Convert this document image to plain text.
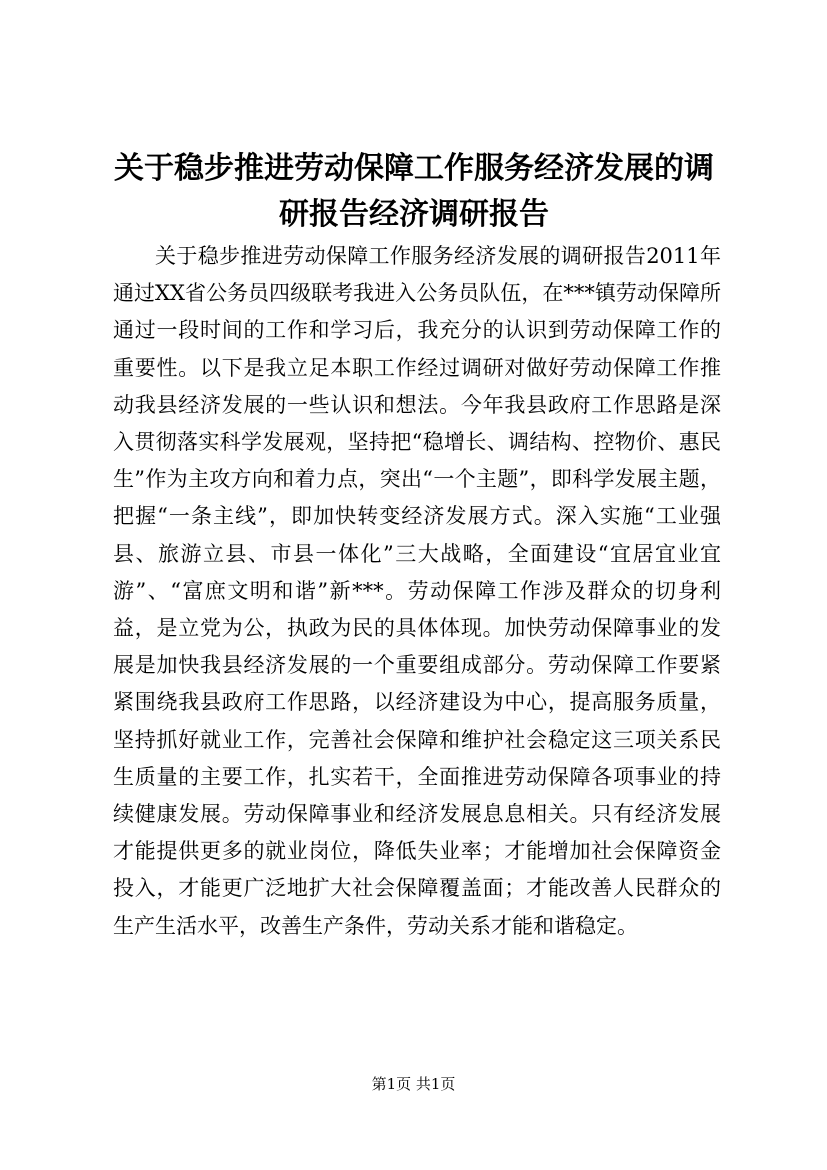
关于稳步推进劳动保障工作服务经济发展的调研报告经济调研报告

关于稳步推进劳动保障工作服务经济发展的调研报告2011年通过XX省公务员四级联考我进入公务员队伍，在***镇劳动保障所通过一段时间的工作和学习后，我充分的认识到劳动保障工作的重要性。以下是我立足本职工作经过调研对做好劳动保障工作推动我县经济发展的一些认识和想法。今年我县政府工作思路是深入贯彻落实科学发展观，坚持把“稳增长、调结构、控物价、惠民生”作为主攻方向和着力点，突出“一个主题”，即科学发展主题，把握“一条主线”，即加快转变经济发展方式。深入实施“工业强县、旅游立县、市县一体化”三大战略，全面建设“宜居宜业宜游”、“富庶文明和谐”新***。劳动保障工作涉及群众的切身利益，是立党为公，执政为民的具体体现。加快劳动保障事业的发展是加快我县经济发展的一个重要组成部分。劳动保障工作要紧紧围绕我县政府工作思路，以经济建设为中心，提高服务质量，坚持抓好就业工作，完善社会保障和维护社会稳定这三项关系民生质量的主要工作，扎实若干，全面推进劳动保障各项事业的持续健康发展。劳动保障事业和经济发展息息相关。只有经济发展才能提供更多的就业岗位，降低失业率；才能增加社会保障资金投入，才能更广泛地扩大社会保障覆盖面；才能改善人民群众的生产生活水平，改善生产条件，劳动关系才能和谐稳定。

第1页 共1页
